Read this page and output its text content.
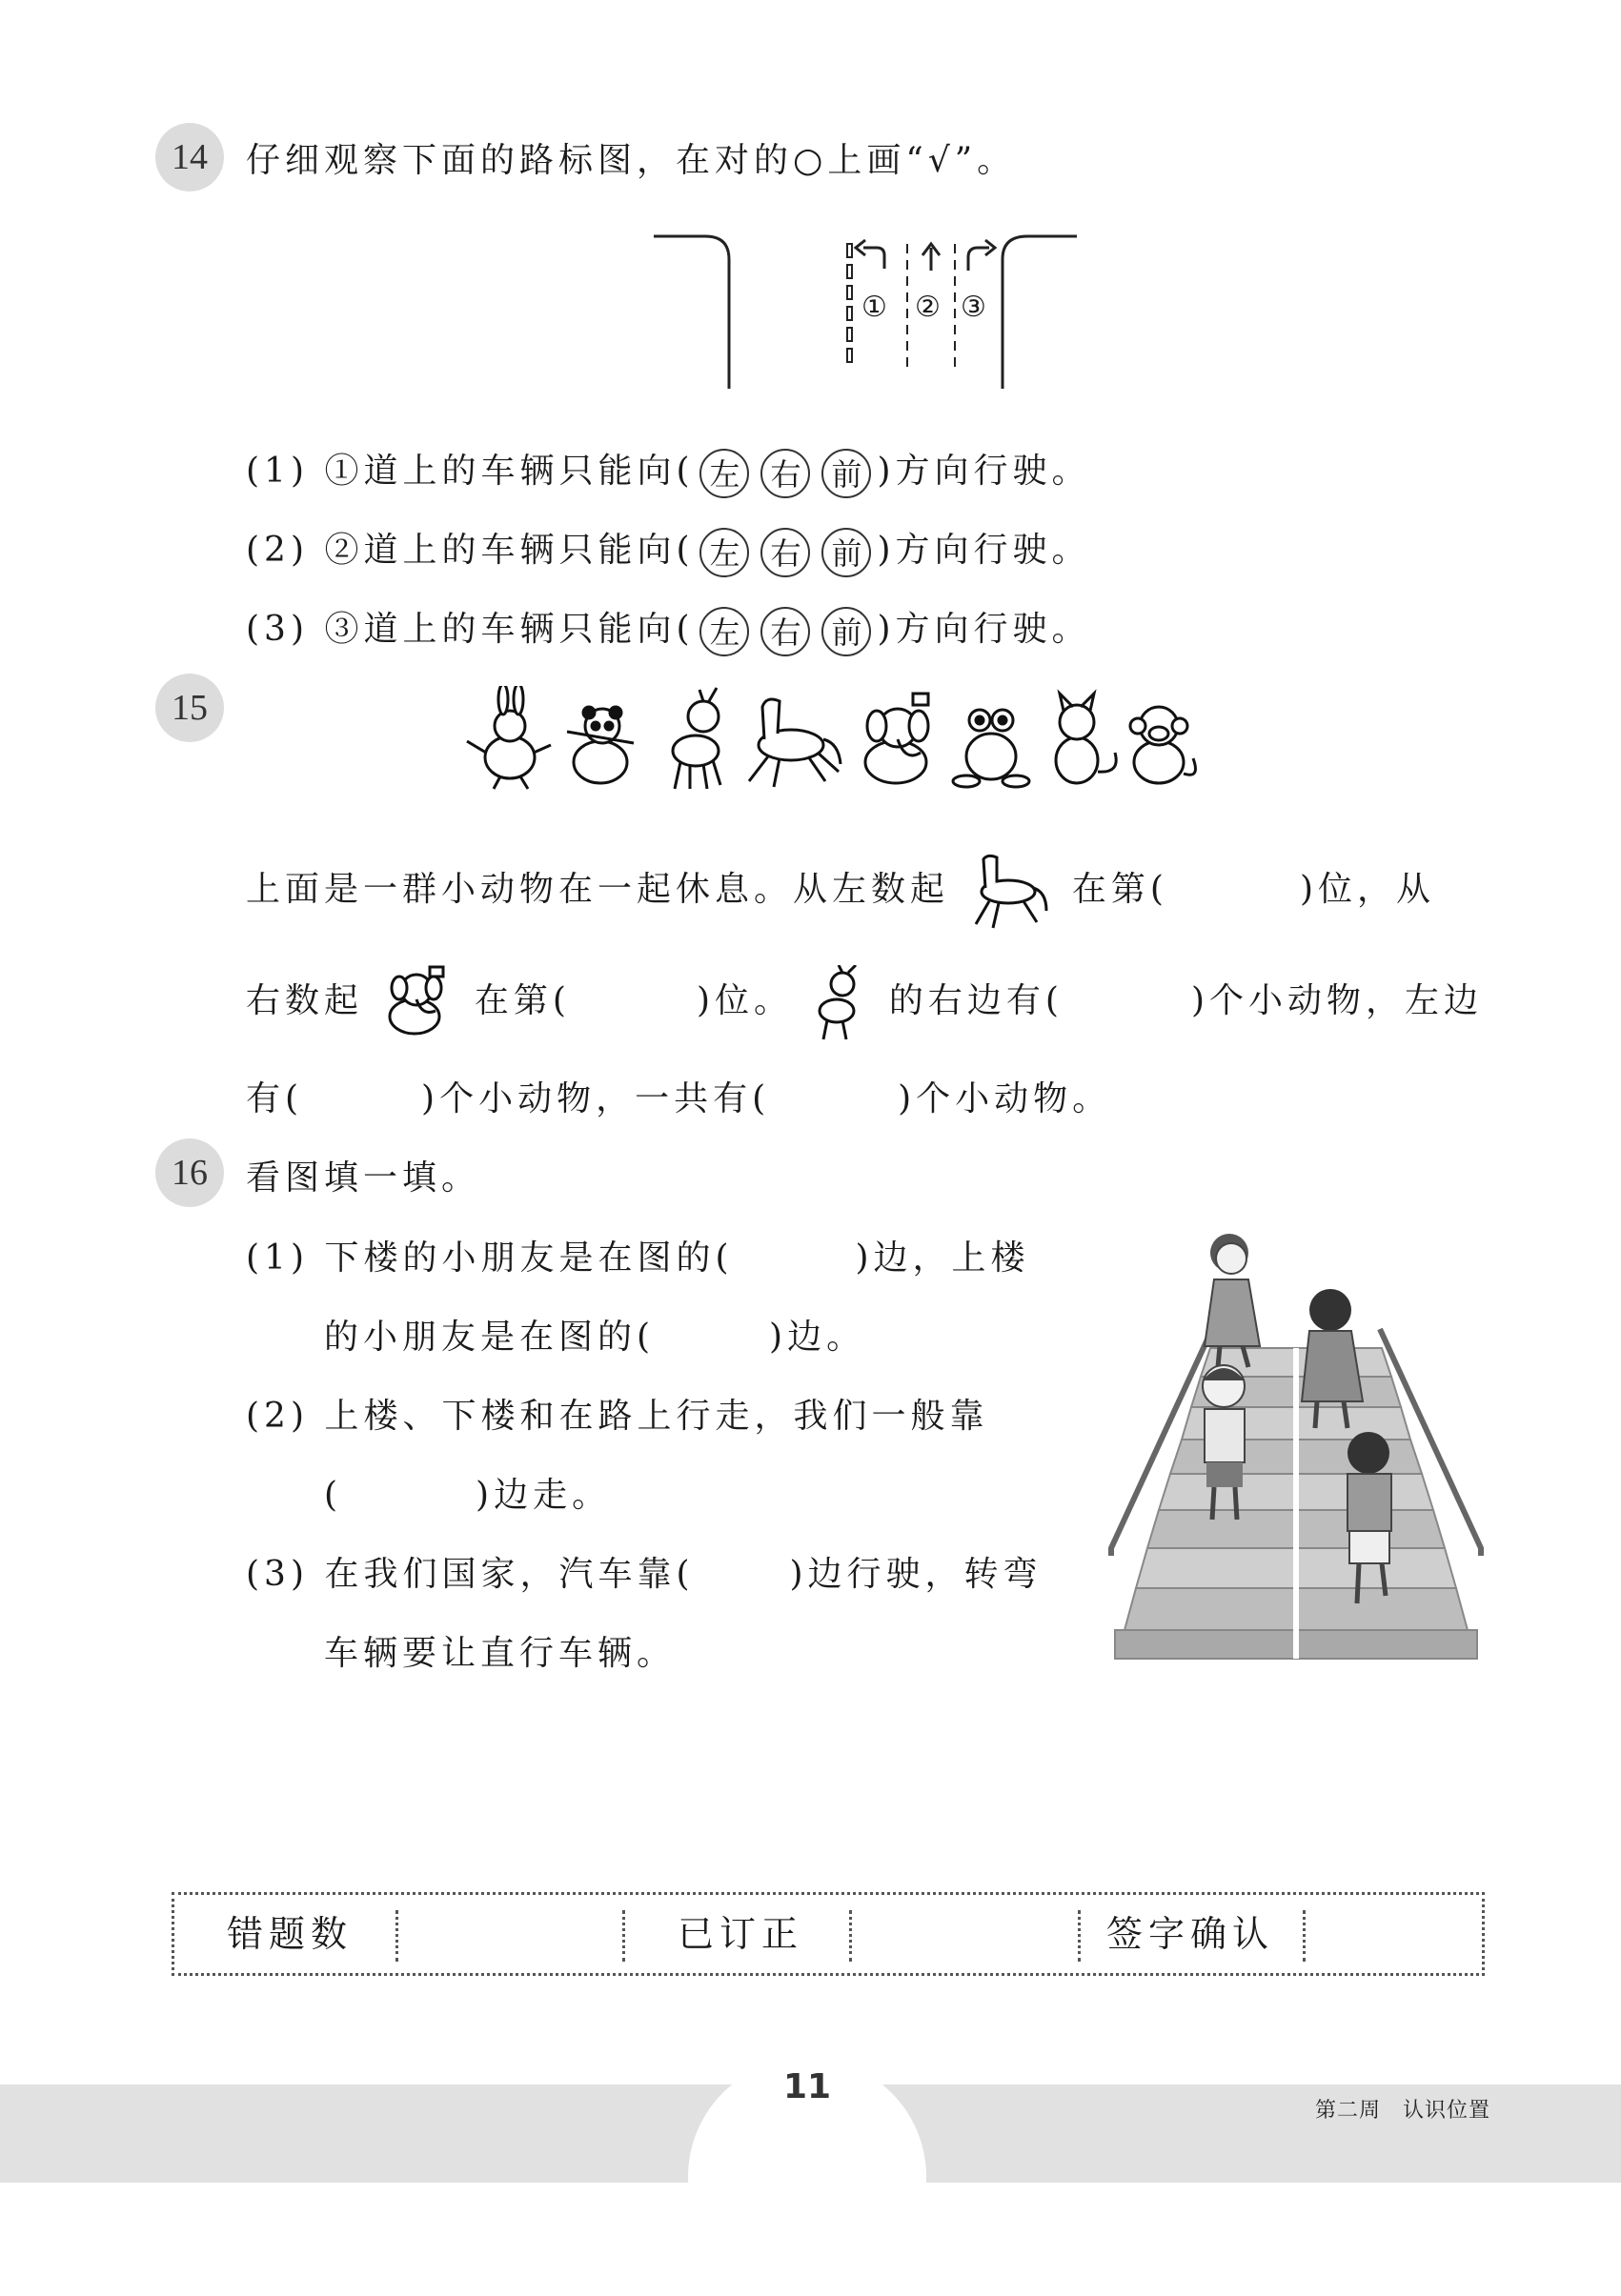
14	仔细观察下面的路标图，在对的○上画“√”。
① ② ③
(1) ①道上的车辆只能向( 左 右 前 )方向行驶。
(2) ②道上的车辆只能向( 左 右 前 )方向行驶。
(3) ③道上的车辆只能向( 左 右 前 )方向行驶。
15
上面是一群小动物在一起休息。从左数起	在第(	)位，从
右数起	在第(	)位。	的右边有(	)个小动物，左边
有(	)个小动物，一共有(	)个小动物。
16	看图填一填。
(1) 下楼的小朋友是在图的(	)边，上楼
的小朋友是在图的(	)边。
(2) 上楼、下楼和在路上行走，我们一般靠
(	)边走。
(3) 在我们国家，汽车靠(	)边行驶，转弯
车辆要让直行车辆。
错题数	已订正	签字确认
11
第二周　认识位置
